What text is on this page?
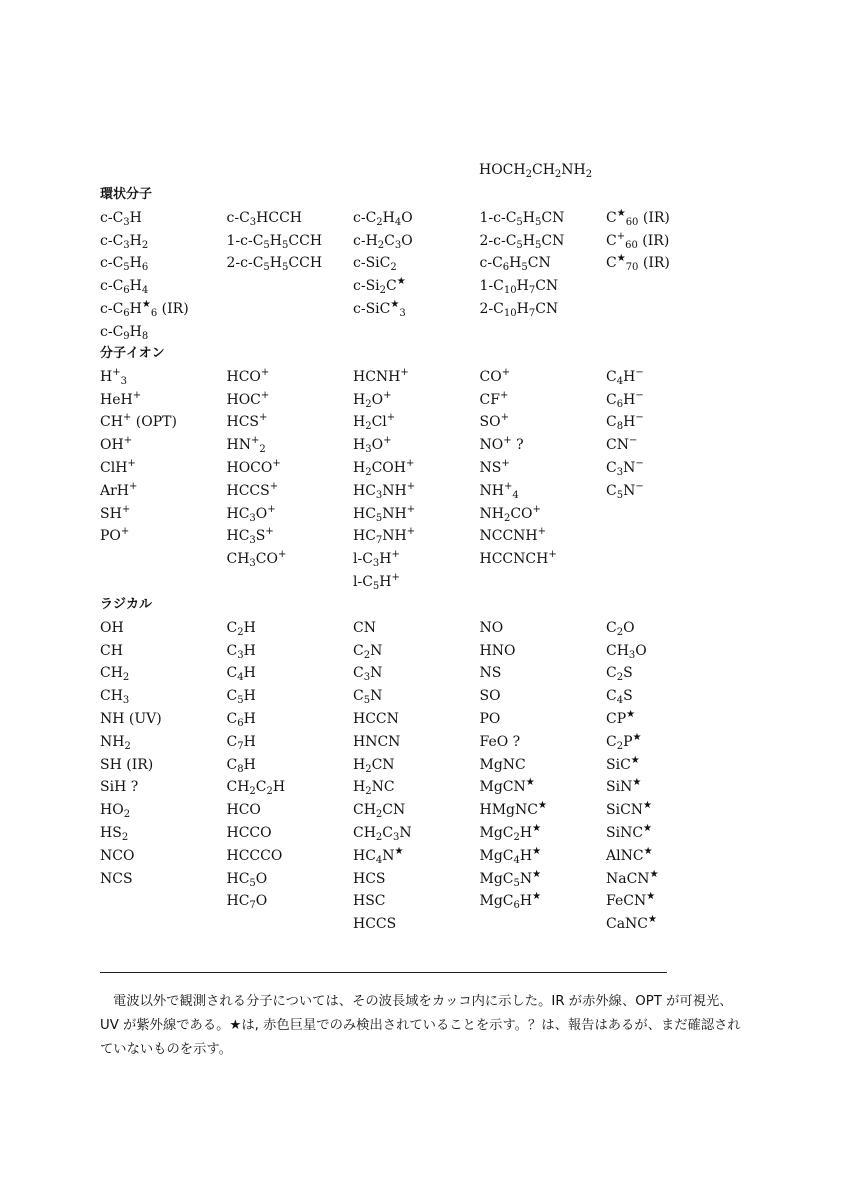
$HOCH_2CH_2NH_2$
環状分子
$c-C_3H$
$c-C_3H_2$
$c-C_5H_6$
$c-C_6H_4$
$c-C_6H^★_6$ (IR)
$c-C_9H_8$
$c-C_3HCCH$
$1-c-C_5H_5CCH$
$2-c-C_5H_5CCH$
$c-C_2H_4O$
$c-H_2C_3O$
c-SiC$_2$
$c-Si_2C^★$
c-SiC★$_3$
$1-c-C_5H_5CN$
$2-c-C_5H_5CN$
$c-C_6H_5CN$
$1-C_{10}H_7CN$
$2-C_{10}H_7CN$
$C^★_{60}$ (IR)
$C^+_{60}$ (IR)
$C^★_{70}$ (IR)
分子イオン
$H^+_3$
HeH+
CH+ (OPT)
OH+
ClH+
ArH+
SH+
PO+
HCO+
HOC+
HCS+
$HN^+_2$
HOCO+
HCCS+
$HC_3O^+$
$HC_3S^+$
$CH_3CO^+$
HCNH+
$H_2O^+$
$H_2Cl^+$
$H_3O^+$
$H_2COH^+$
$HC_3NH^+$
$HC_5NH^+$
$HC_7NH^+$
$l-C_3H^+$
$l-C_5H^+$
CO+
CF+
SO+
NO+ ?
NS+
$NH^+_4$
$NH_2CO^+$
NCCNH+
HCCNCH+
$C_4H^-$
$C_6H^-$
$C_8H^-$
CN−
$C_3N^-$
$C_5N^-$
ラジカル
OH
CH
$CH_2$
$CH_3$
NH (UV)
$NH_2$
SH (IR)
SiH ?
$HO_2$
$HS_2$
NCO
NCS
$C_2H$
$C_3H$
$C_4H$
$C_5H$
$C_6H$
$C_7H$
$C_8H$
$CH_2C_2H$
HCO
HCCO
HCCCO
$HC_5O$
$HC_7O$
CN
$C_2N$
$C_3N$
$C_5N$
HCCN
HNCN
$H_2CN$
$H_2NC$
$CH_2CN$
$CH_2C_3N$
$HC_4N^★$
HCS
HSC
HCCS
NO
HNO
NS
SO
PO
FeO ?
MgNC
MgCN★
HMgNC★
MgC$_2$H★
MgC$_4$H★
MgC$_5$N★
MgC$_6$H★
$C_2O$
$CH_3O$
$C_2S$
$C_4S$
CP★
$C_2P^★$
SiC★
SiN★
SiCN★
SiNC★
AlNC★
NaCN★
FeCN★
CaNC★
電波以外で観測される分子については、その波長域をカッコ内に示した。IR が赤外線、OPT が可視光、UV が紫外線である。★は, 赤色巨星でのみ検出されていることを示す。？は、報告はあるが、まだ確認されていないものを示す。
